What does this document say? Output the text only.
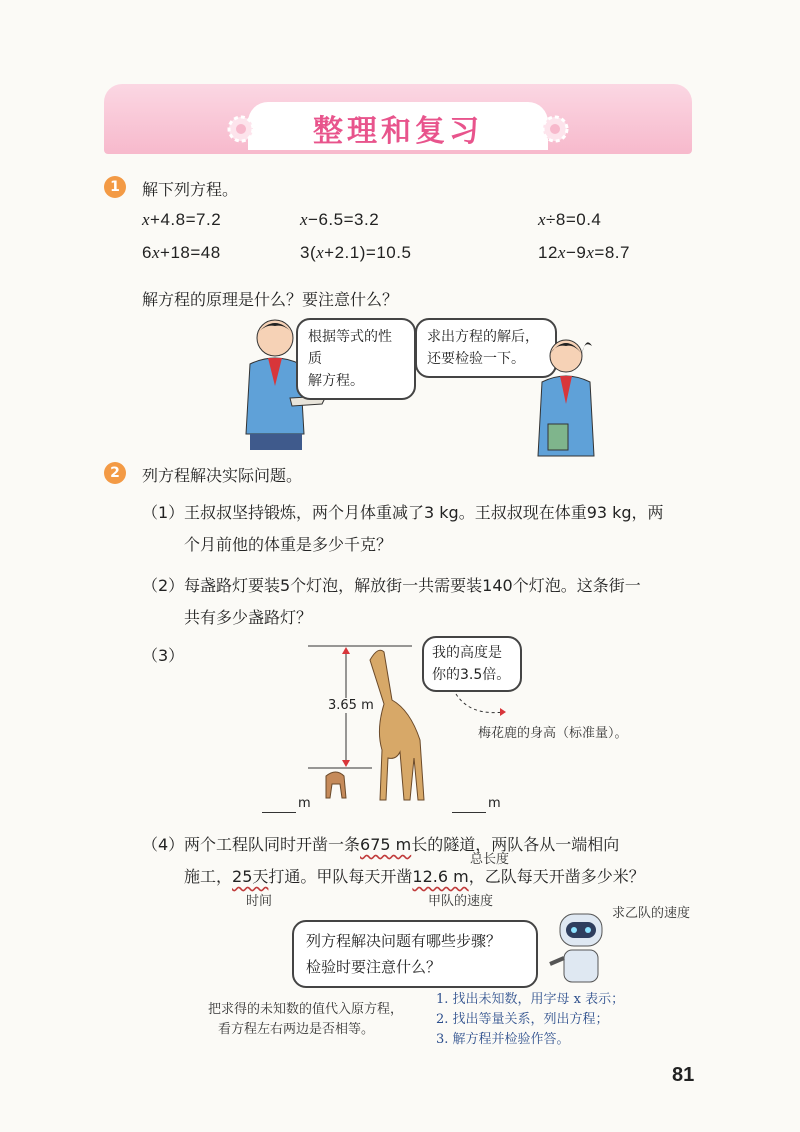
整理和复习
1	解下列方程。
x+4.8=7.2	x−6.5=3.2	x÷8=0.4
6x+18=48	3(x+2.1)=10.5	12x−9x=8.7
解方程的原理是什么？要注意什么？
根据等式的性质
解方程。
求出方程的解后，
还要检验一下。
2	列方程解决实际问题。
（1） 王叔叔坚持锻炼，两个月体重减了3 kg。王叔叔现在体重93 kg，两
个月前他的体重是多少千克？
（2） 每盏路灯要装5个灯泡，解放街一共需要装140个灯泡。这条街一
共有多少盏路灯？
（3）
3.65 m
m	m
我的高度是
你的3.5倍。
梅花鹿的身高（标准量）。
（4） 两个工程队同时开凿一条675 m长的隧道，两队各从一端相向
总长度
施工，25天打通。甲队每天开凿12.6 m，乙队每天开凿多少米？
时间	甲队的速度
求乙队的速度
列方程解决问题有哪些步骤？
检验时要注意什么？
把求得的未知数的值代入原方程，
看方程左右两边是否相等。
1. 找出未知数，用字母 x 表示；
2. 找出等量关系，列出方程；
3. 解方程并检验作答。
81
